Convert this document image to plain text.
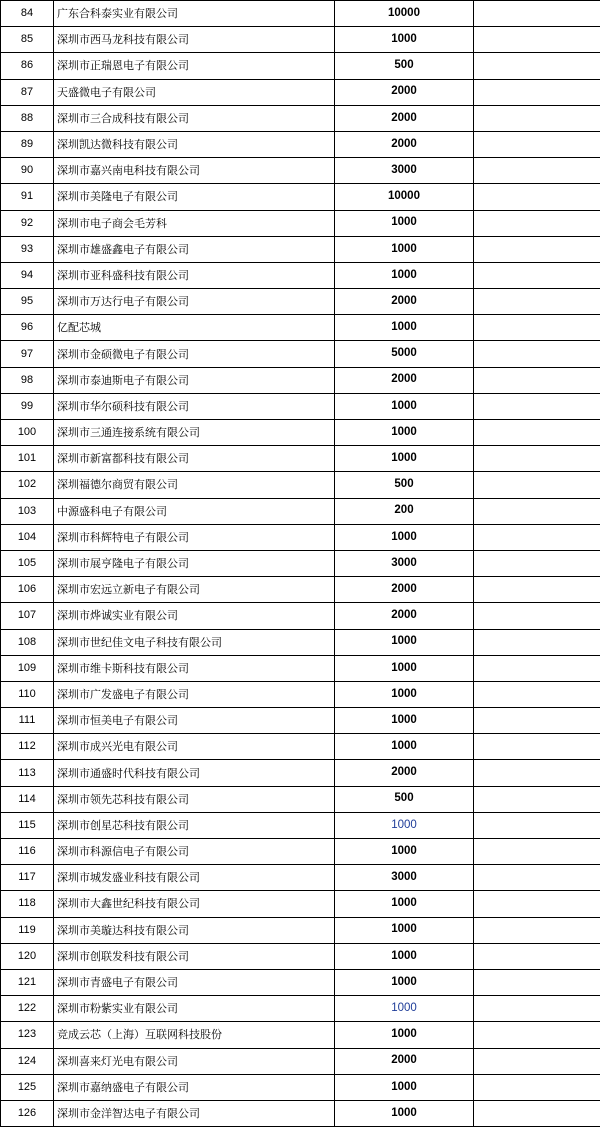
84	广东合科泰实业有限公司	10000	
85	深圳市西马龙科技有限公司	1000	
86	深圳市正瑞恩电子有限公司	500	
87	天盛微电子有限公司	2000	
88	深圳市三合成科技有限公司	2000	
89	深圳凯达微科技有限公司	2000	
90	深圳市嘉兴南电科技有限公司	3000	
91	深圳市美隆电子有限公司	10000	
92	深圳市电子商会毛芳科	1000	
93	深圳市雄盛鑫电子有限公司	1000	
94	深圳市亚科盛科技有限公司	1000	
95	深圳市万达行电子有限公司	2000	
96	亿配芯城	1000	
97	深圳市金硕微电子有限公司	5000	
98	深圳市泰迪斯电子有限公司	2000	
99	深圳市华尔硕科技有限公司	1000	
100	深圳市三通连接系统有限公司	1000	
101	深圳市新富都科技有限公司	1000	
102	深圳福德尔商贸有限公司	500	
103	中源盛科电子有限公司	200	
104	深圳市科辉特电子有限公司	1000	
105	深圳市展亨隆电子有限公司	3000	
106	深圳市宏远立新电子有限公司	2000	
107	深圳市烨诚实业有限公司	2000	
108	深圳市世纪佳文电子科技有限公司	1000	
109	深圳市维卡斯科技有限公司	1000	
110	深圳市广发盛电子有限公司	1000	
111	深圳市恒美电子有限公司	1000	
112	深圳市成兴光电有限公司	1000	
113	深圳市通盛时代科技有限公司	2000	
114	深圳市领先芯科技有限公司	500	
115	深圳市创星芯科技有限公司	1000	
116	深圳市科源信电子有限公司	1000	
117	深圳市城发盛业科技有限公司	3000	
118	深圳市大鑫世纪科技有限公司	1000	
119	深圳市美璇达科技有限公司	1000	
120	深圳市创联发科技有限公司	1000	
121	深圳市青盛电子有限公司	1000	
122	深圳市粉紫实业有限公司	1000	
123	竞成云芯（上海）互联网科技股份	1000	
124	深圳喜来灯光电有限公司	2000	
125	深圳市嘉纳盛电子有限公司	1000	
126	深圳市金洋智达电子有限公司	1000	
